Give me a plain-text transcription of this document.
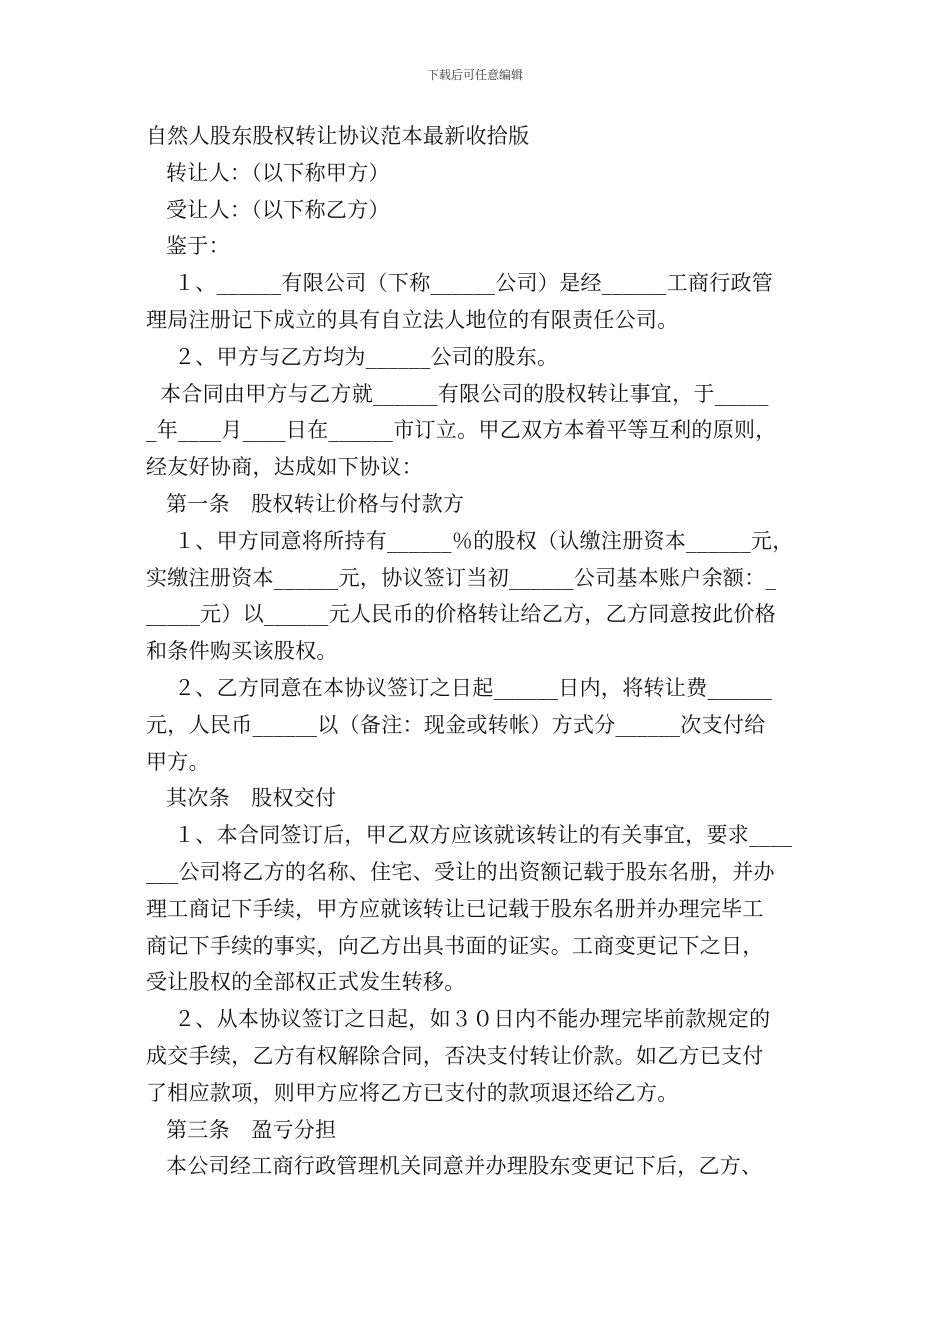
下载后可任意编辑
自然人股东股权转让协议范本最新收拾版
转让人：（以下称甲方）
受让人：（以下称乙方）
鉴于：
１、______有限公司（下称______公司）是经______工商行政管
理局注册记下成立的具有自立法人地位的有限责任公司。
２、甲方与乙方均为______公司的股东。
本合同由甲方与乙方就______有限公司的股权转让事宜，于_____
_年____月____日在______市订立。甲乙双方本着平等互利的原则，
经友好协商，达成如下协议：
第一条　股权转让价格与付款方
１、甲方同意将所持有______％的股权（认缴注册资本______元，
实缴注册资本______元，协议签订当初______公司基本账户余额：_
_____元）以______元人民币的价格转让给乙方，乙方同意按此价格
和条件购买该股权。
２、乙方同意在本协议签订之日起______日内，将转让费______
元，人民币______以（备注：现金或转帐）方式分______次支付给
甲方。
其次条　股权交付
１、本合同签订后，甲乙双方应该就该转让的有关事宜，要求____
___公司将乙方的名称、住宅、受让的出资额记载于股东名册，并办
理工商记下手续，甲方应就该转让已记载于股东名册并办理完毕工
商记下手续的事实，向乙方出具书面的证实。工商变更记下之日，
受让股权的全部权正式发生转移。
２、从本协议签订之日起，如３０日内不能办理完毕前款规定的
成交手续，乙方有权解除合同，否决支付转让价款。如乙方已支付
了相应款项，则甲方应将乙方已支付的款项退还给乙方。
第三条　盈亏分担
本公司经工商行政管理机关同意并办理股东变更记下后，乙方、
